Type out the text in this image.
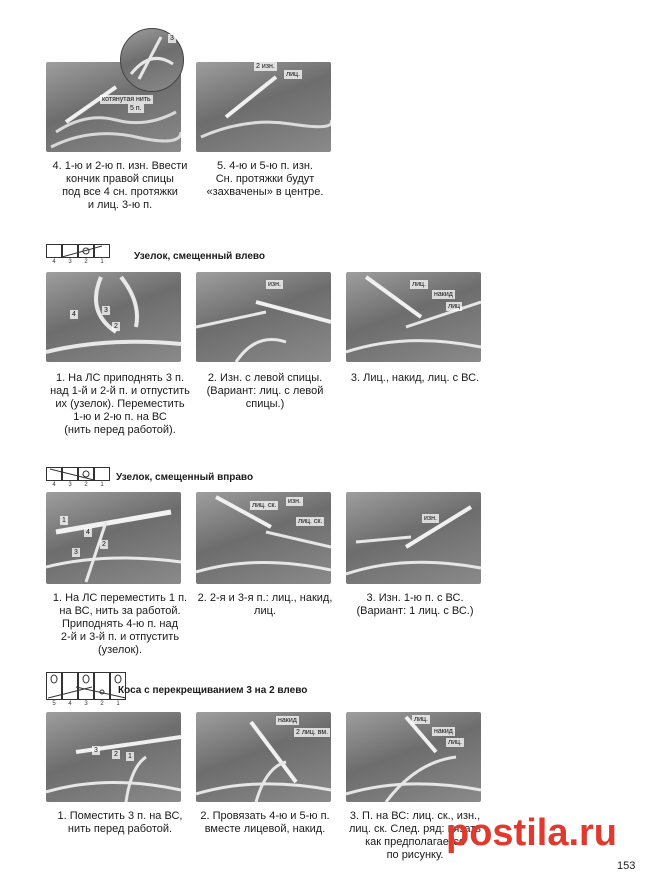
3
котянутая нить
5 п.
4. 1-ю и 2-ю п. изн. Ввести
кончик правой спицы
под все 4 сн. протяжки
и лиц. 3-ю п.
2 изн.
лиц.
5. 4-ю и 5-ю п. изн.
Сн. протяжки будут
«захвачены» в центре.
4	3	2	1	Узелок, смещенный влево
4
3
2
изн.	лиц.
накид
лиц
1. На ЛС приподнять 3 п.
над 1-й и 2-й п. и отпустить
их (узелок). Переместить
1-ю и 2-ю п. на ВС
(нить перед работой).
2. Изн. с левой спицы.
(Вариант: лиц. с левой
спицы.)
3. Лиц., накид, лиц. с ВС.
4	3	2	1
Узелок, смещенный вправо
1
4
3
2
лиц. ск.
изн.
лиц. ск.	изн.
1. На ЛС переместить 1 п.
на ВС, нить за работой.
Приподнять 4-ю п. над
2-й и 3-й п. и отпустить
(узелок).
2. 2-я и 3-я п.: лиц., накид,
лиц.
3. Изн. 1-ю п. с ВС.
(Вариант: 1 лиц. с ВС.)
5	4	3	2	1
Коса с перекрещиванием 3 на 2 влево
3
2 1
накид
2 лиц. вм.
лиц.
накид
лиц.
1. Поместить 3 п. на ВС,
нить перед работой.
2. Провязать 4-ю и 5-ю п.
вместе лицевой, накид.
3. П. на ВС: лиц. ск., изн.,
лиц. ск. След. ряд: вязать
как предполагается
по рисунку.
postila.ru
153
